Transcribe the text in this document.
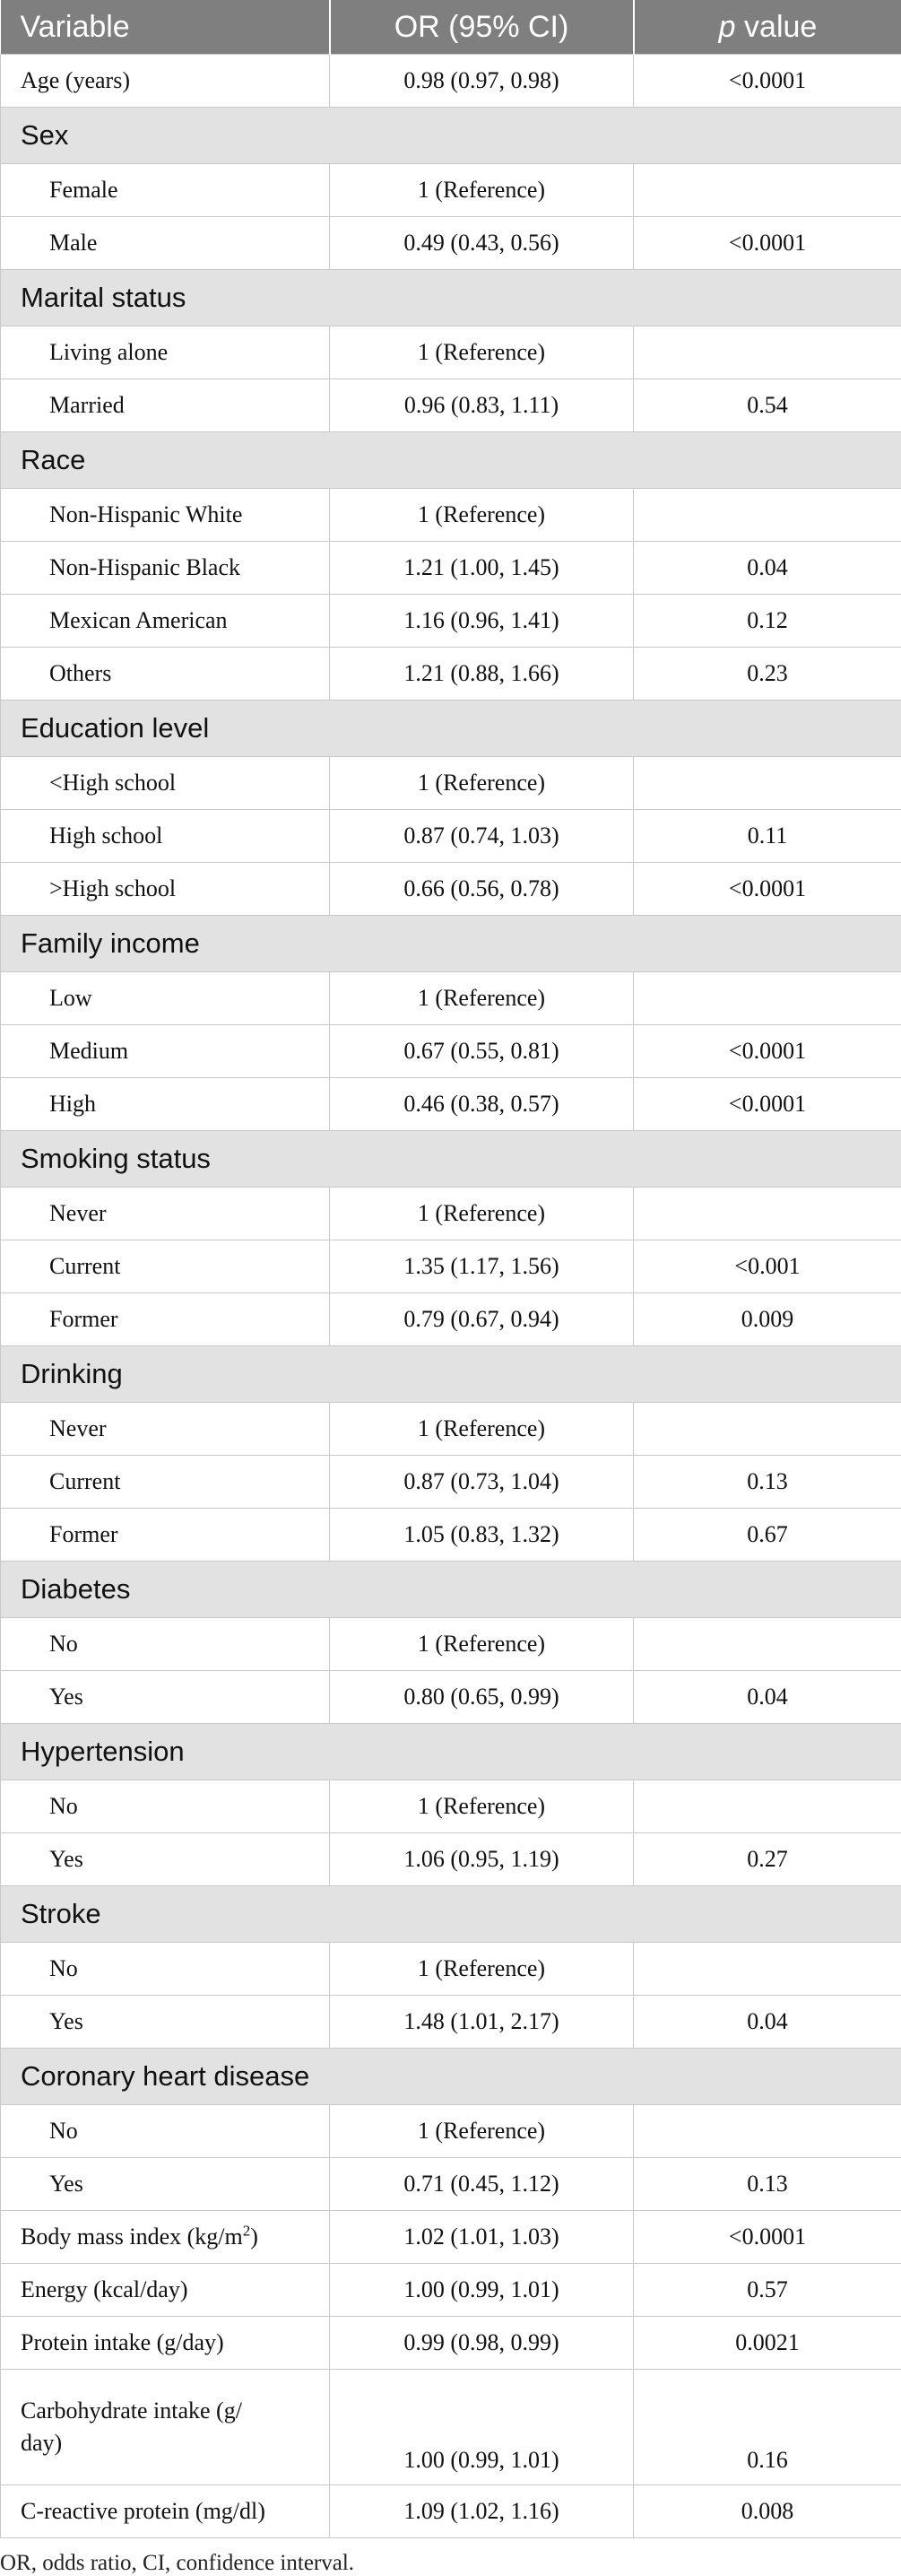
Variable	OR (95% CI)	p value
Age (years)	0.98 (0.97, 0.98)	<0.0001
Sex		
Female	1 (Reference)	
Male	0.49 (0.43, 0.56)	<0.0001
Marital status		
Living alone	1 (Reference)	
Married	0.96 (0.83, 1.11)	0.54
Race		
Non-Hispanic White	1 (Reference)	
Non-Hispanic Black	1.21 (1.00, 1.45)	0.04
Mexican American	1.16 (0.96, 1.41)	0.12
Others	1.21 (0.88, 1.66)	0.23
Education level		
<High school	1 (Reference)	
High school	0.87 (0.74, 1.03)	0.11
>High school	0.66 (0.56, 0.78)	<0.0001
Family income		
Low	1 (Reference)	
Medium	0.67 (0.55, 0.81)	<0.0001
High	0.46 (0.38, 0.57)	<0.0001
Smoking status		
Never	1 (Reference)	
Current	1.35 (1.17, 1.56)	<0.001
Former	0.79 (0.67, 0.94)	0.009
Drinking		
Never	1 (Reference)	
Current	0.87 (0.73, 1.04)	0.13
Former	1.05 (0.83, 1.32)	0.67
Diabetes		
No	1 (Reference)	
Yes	0.80 (0.65, 0.99)	0.04
Hypertension		
No	1 (Reference)	
Yes	1.06 (0.95, 1.19)	0.27
Stroke		
No	1 (Reference)	
Yes	1.48 (1.01, 2.17)	0.04
Coronary heart disease		
No	1 (Reference)	
Yes	0.71 (0.45, 1.12)	0.13
Body mass index $(kg/m^2)$	1.02 (1.01, 1.03)	<0.0001
Energy (kcal/day)	1.00 (0.99, 1.01)	0.57
Protein intake (g/day)	0.99 (0.98, 0.99)	0.0021
Carbohydrate intake (g/
day)	1.00 (0.99, 1.01)	0.16
C-reactive protein (mg/dl)	1.09 (1.02, 1.16)	0.008

OR, odds ratio, CI, confidence interval.
